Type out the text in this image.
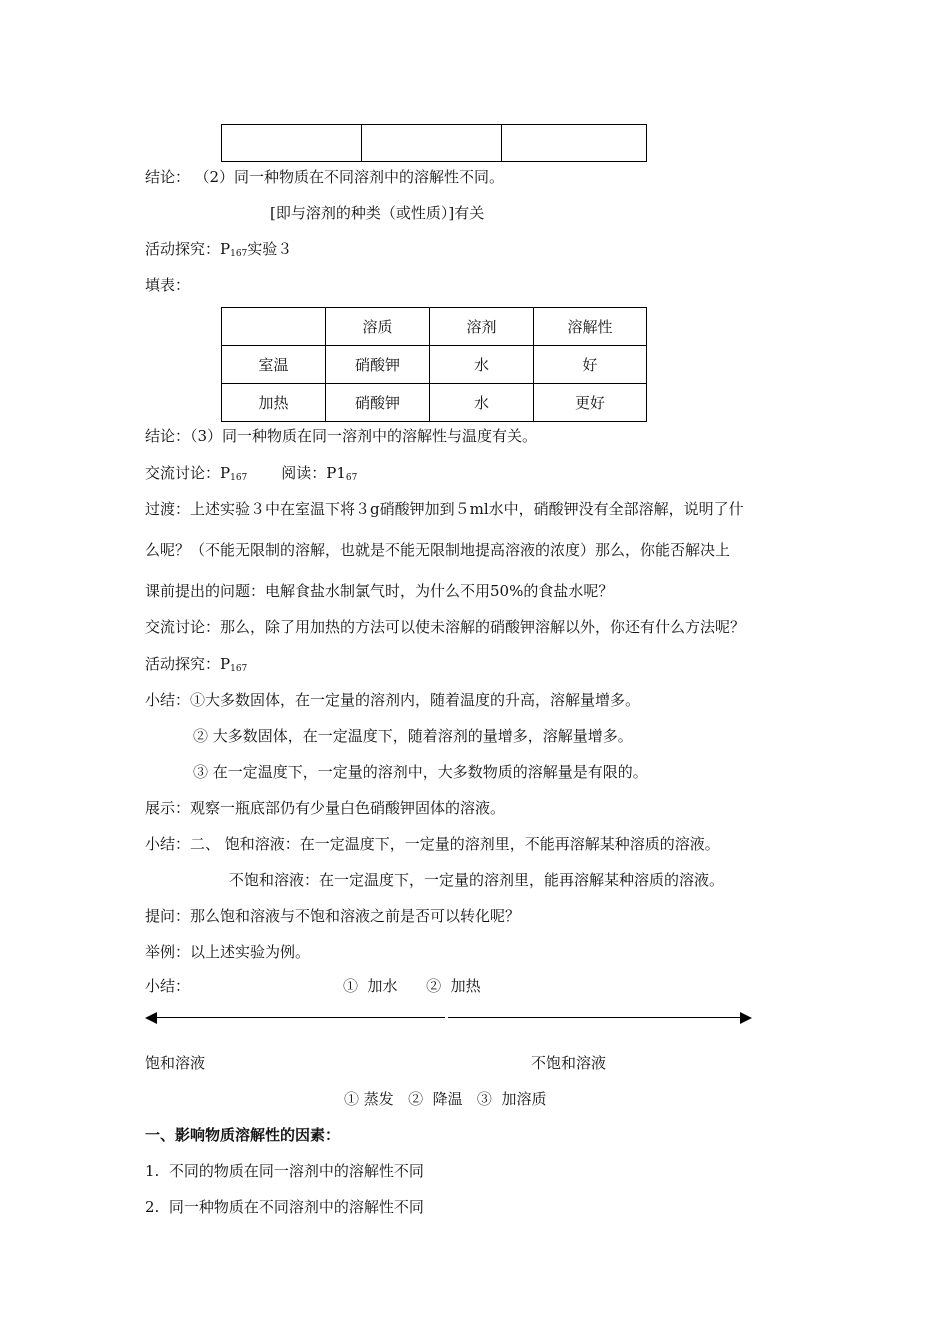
结论： （2）同一种物质在不同溶剂中的溶解性不同。
[即与溶剂的种类（或性质）]有关
活动探究：$P_{167}$实验３
填表：
	溶质	溶剂	溶解性
室温	硝酸钾	水	好
加热	硝酸钾	水	更好
结论：（3）同一种物质在同一溶剂中的溶解性与温度有关。
交流讨论：$P_{167}$ 阅读：$P1_{67}$
过渡：上述实验３中在室温下将３g硝酸钾加到５ml水中，硝酸钾没有全部溶解，说明了什
么呢？（不能无限制的溶解，也就是不能无限制地提高溶液的浓度）那么，你能否解决上
课前提出的问题：电解食盐水制氯气时，为什么不用50%的食盐水呢？
交流讨论：那么，除了用加热的方法可以使未溶解的硝酸钾溶解以外，你还有什么方法呢？
活动探究：$P_{167}$
小结：①大多数固体，在一定量的溶剂内，随着温度的升高，溶解量增多。
② 大多数固体，在一定温度下，随着溶剂的量增多，溶解量增多。
③ 在一定温度下，一定量的溶剂中，大多数物质的溶解量是有限的。
展示：观察一瓶底部仍有少量白色硝酸钾固体的溶液。
小结：二、 饱和溶液：在一定温度下，一定量的溶剂里，不能再溶解某种溶质的溶液。
不饱和溶液：在一定温度下，一定量的溶剂里，能再溶解某种溶质的溶液。
提问：那么饱和溶液与不饱和溶液之前是否可以转化呢？
举例：以上述实验为例。
小结：	①  加水      ②  加热
饱和溶液	不饱和溶液
① 蒸发   ②  降温   ③  加溶质
一、影响物质溶解性的因素：
1.  不同的物质在同一溶剂中的溶解性不同
2.  同一种物质在不同溶剂中的溶解性不同
